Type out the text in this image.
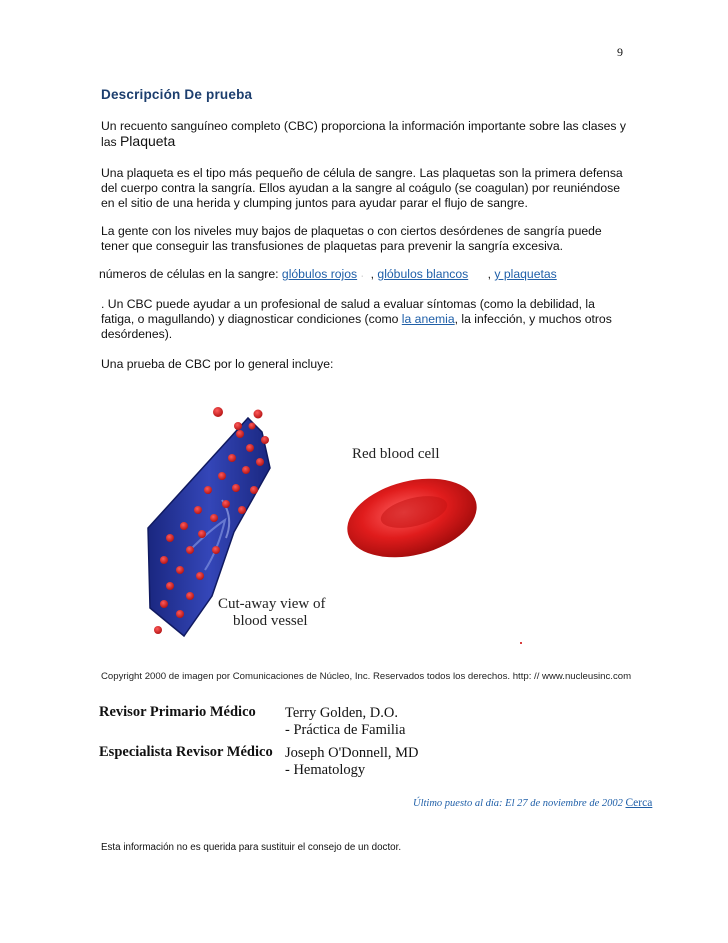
9
Descripción De prueba

Un recuento sanguíneo completo (CBC) proporciona la información importante sobre las clases y
las Plaqueta

Una plaqueta es el tipo más pequeño de célula de sangre. Las plaquetas son la primera defensa del cuerpo contra la sangría. Ellos ayudan a la sangre al coágulo (se coagulan) por reuniéndose en el sitio de una herida y clumping juntos para ayudar parar el flujo de sangre.

La gente con los niveles muy bajos de plaquetas o con ciertos desórdenes de sangría puede tener que conseguir las transfusiones de plaquetas para prevenir la sangría excesiva.

números de células en la sangre: glóbulos rojos  ·   , glóbulos blancos , y plaquetas

. Un CBC puede ayudar a un profesional de salud a evaluar síntomas (como la debilidad, la fatiga, o magullando) y diagnosticar condiciones (como la anemia, la infección, y muchos otros desórdenes).

Una prueba de CBC por lo general incluye:

Red blood cell
Cut-away view of
blood vessel
Copyright 2000 de imagen por Comunicaciones de Núcleo, Inc. Reservados todos los derechos. http: // www.nucleusinc.com
Revisor Primario Médico Terry Golden, D.O.
- Práctica de Familia
Especialista Revisor Médico Joseph O'Donnell, MD
- Hematology
Último puesto al día: El 27 de noviembre de 2002 Cerca
Esta información no es querida para sustituir el consejo de un doctor.
